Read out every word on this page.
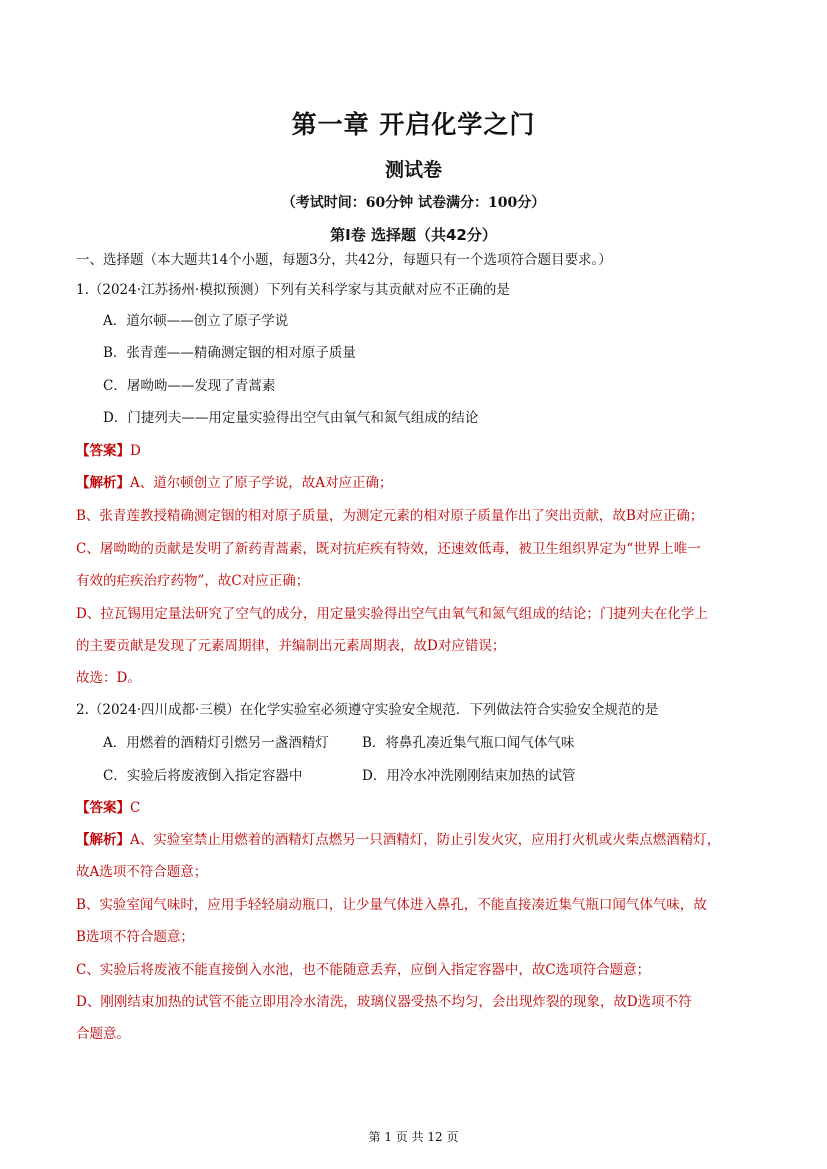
第一章 开启化学之门
测试卷
（考试时间：60分钟 试卷满分：100分）
第Ⅰ卷 选择题（共42分）
一、选择题（本大题共14个小题，每题3分，共42分，每题只有一个选项符合题目要求。）
1.（2024·江苏扬州·模拟预测）下列有关科学家与其贡献对应不正确的是
A．道尔顿——创立了原子学说
B．张青莲——精确测定铟的相对原子质量
C．屠呦呦——发现了青蒿素
D．门捷列夫——用定量实验得出空气由氧气和氮气组成的结论
【答案】D
【解析】A、道尔顿创立了原子学说，故A对应正确；
B、张青莲教授精确测定铟的相对原子质量，为测定元素的相对原子质量作出了突出贡献，故B对应正确；
C、屠呦呦的贡献是发明了新药青蒿素，既对抗疟疾有特效，还速效低毒，被卫生组织界定为“世界上唯一
有效的疟疾治疗药物”，故C对应正确；
D、拉瓦锡用定量法研究了空气的成分，用定量实验得出空气由氧气和氮气组成的结论；门捷列夫在化学上
的主要贡献是发现了元素周期律，并编制出元素周期表，故D对应错误；
故选：D。
2.（2024·四川成都·三模）在化学实验室必须遵守实验安全规范．下列做法符合实验安全规范的是
A．用燃着的酒精灯引燃另一盏酒精灯 B．将鼻孔凑近集气瓶口闻气体气味
C．实验后将废液倒入指定容器中	D．用冷水冲洗刚刚结束加热的试管
【答案】C
【解析】A、实验室禁止用燃着的酒精灯点燃另一只酒精灯，防止引发火灾，应用打火机或火柴点燃酒精灯，
故A选项不符合题意；
B、实验室闻气味时，应用手轻轻扇动瓶口，让少量气体进入鼻孔，不能直接凑近集气瓶口闻气体气味，故
B选项不符合题意；
C、实验后将废液不能直接倒入水池，也不能随意丢弃，应倒入指定容器中，故C选项符合题意；
D、刚刚结束加热的试管不能立即用冷水清洗，玻璃仪器受热不均匀，会出现炸裂的现象，故D选项不符
合题意。
第 1 页 共 12 页
